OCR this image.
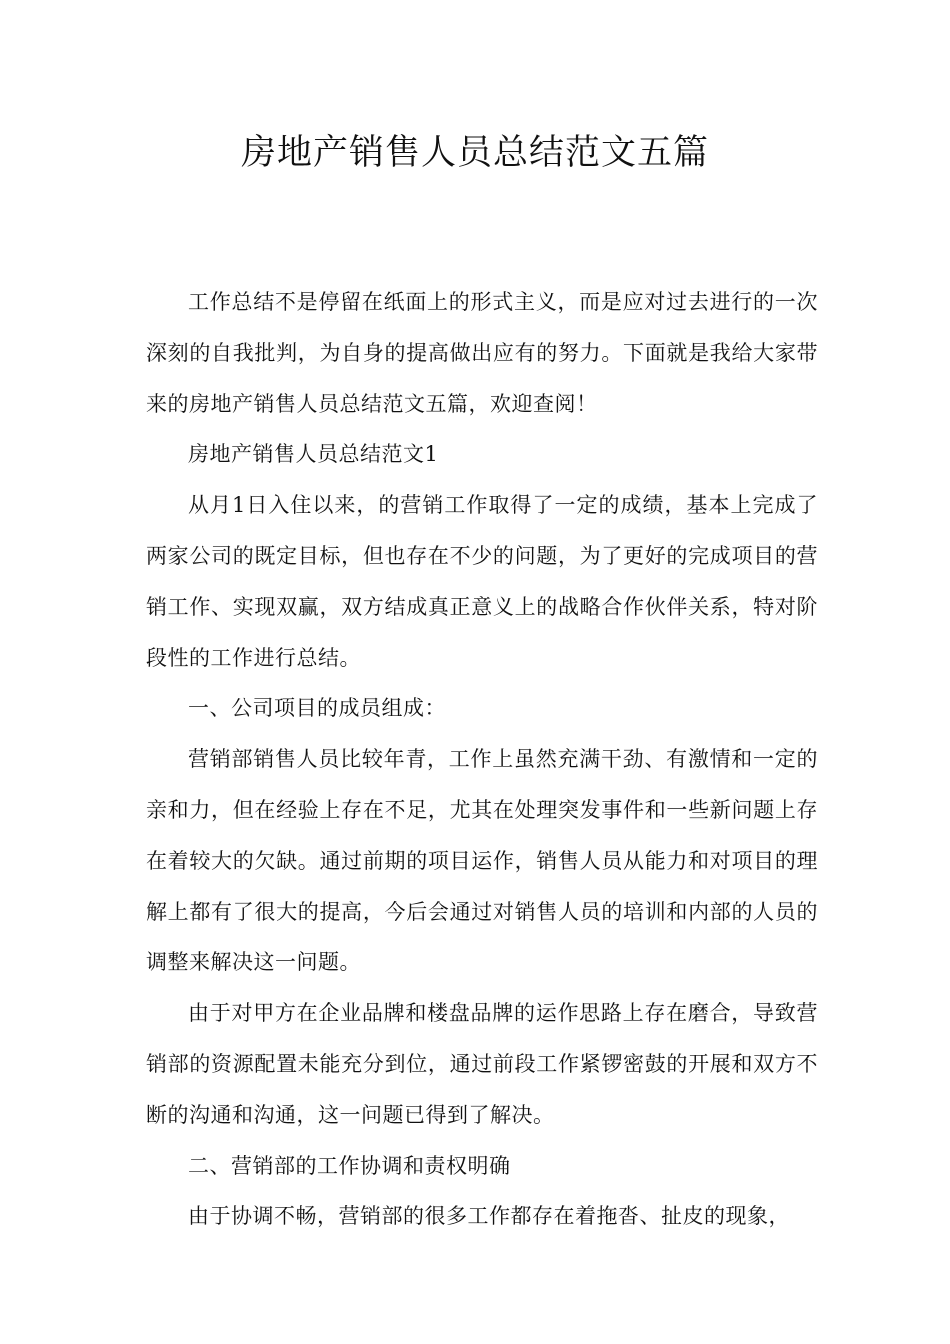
房地产销售人员总结范文五篇

工作总结不是停留在纸面上的形式主义，而是应对过去进行的一次深刻的自我批判，为自身的提高做出应有的努力。下面就是我给大家带来的房地产销售人员总结范文五篇，欢迎查阅！

房地产销售人员总结范文1

从月1日入住以来，的营销工作取得了一定的成绩，基本上完成了两家公司的既定目标，但也存在不少的问题，为了更好的完成项目的营销工作、实现双赢，双方结成真正意义上的战略合作伙伴关系，特对阶段性的工作进行总结。

一、公司项目的成员组成：

营销部销售人员比较年青，工作上虽然充满干劲、有激情和一定的亲和力，但在经验上存在不足，尤其在处理突发事件和一些新问题上存在着较大的欠缺。通过前期的项目运作，销售人员从能力和对项目的理解上都有了很大的提高，今后会通过对销售人员的培训和内部的人员的调整来解决这一问题。

由于对甲方在企业品牌和楼盘品牌的运作思路上存在磨合，导致营销部的资源配置未能充分到位，通过前段工作紧锣密鼓的开展和双方不断的沟通和沟通，这一问题已得到了解决。

二、营销部的工作协调和责权明确

由于协调不畅，营销部的很多工作都存在着拖沓、扯皮的现象，
